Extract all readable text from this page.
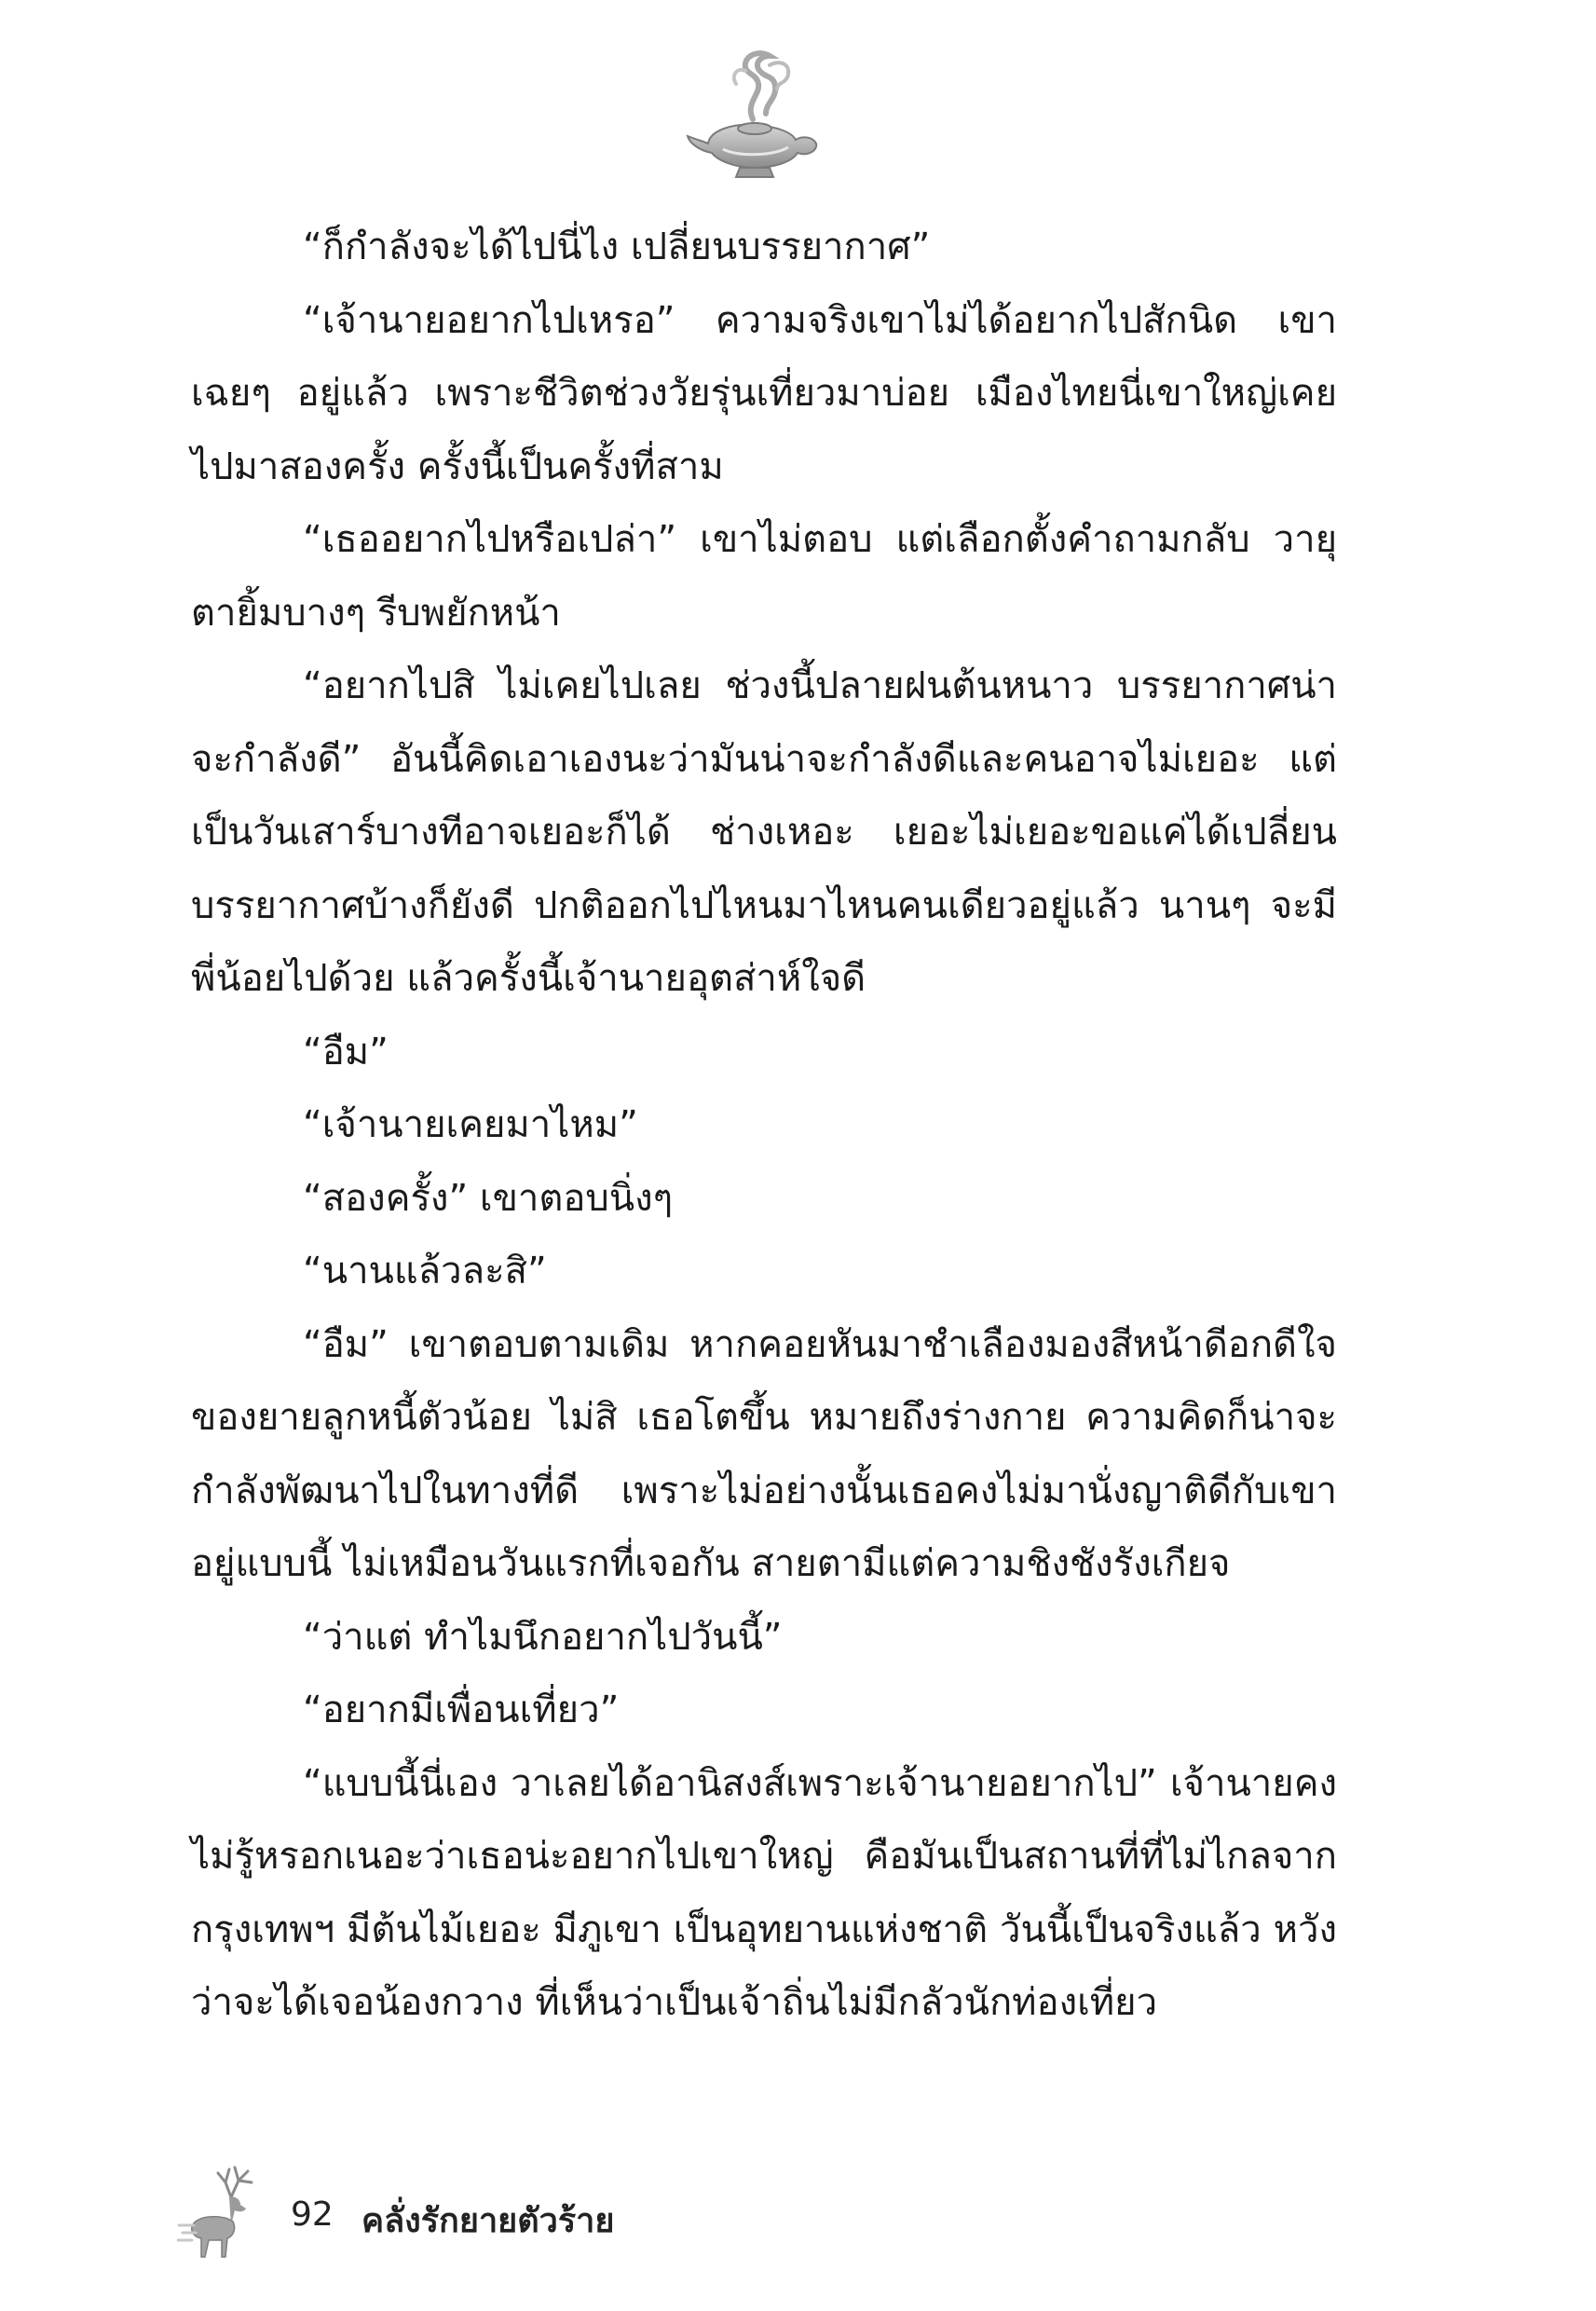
“ก็กำลังจะได้ไปนี่ไง เปลี่ยนบรรยากาศ”

“เจ้านายอยากไปเหรอ” ความจริงเขาไม่ได้อยากไปสักนิด เขาเฉยๆ อยู่แล้ว เพราะชีวิตช่วงวัยรุ่นเที่ยวมาบ่อย เมืองไทยนี่เขาใหญ่เคยไปมาสองครั้ง ครั้งนี้เป็นครั้งที่สาม

“เธออยากไปหรือเปล่า” เขาไม่ตอบ แต่เลือกตั้งคำถามกลับ วายุตายิ้มบางๆ รีบพยักหน้า

“อยากไปสิ ไม่เคยไปเลย ช่วงนี้ปลายฝนต้นหนาว บรรยากาศน่าจะกำลังดี” อันนี้คิดเอาเองนะว่ามันน่าจะกำลังดีและคนอาจไม่เยอะ แต่เป็นวันเสาร์บางทีอาจเยอะก็ได้ ช่างเหอะ เยอะไม่เยอะขอแค่ได้เปลี่ยนบรรยากาศบ้างก็ยังดี ปกติออกไปไหนมาไหนคนเดียวอยู่แล้ว นานๆ จะมีพี่น้อยไปด้วย แล้วครั้งนี้เจ้านายอุตส่าห์ใจดี

“อืม”

“เจ้านายเคยมาไหม”

“สองครั้ง” เขาตอบนิ่งๆ

“นานแล้วละสิ”

“อืม” เขาตอบตามเดิม หากคอยหันมาชำเลืองมองสีหน้าดีอกดีใจของยายลูกหนี้ตัวน้อย ไม่สิ เธอโตขึ้น หมายถึงร่างกาย ความคิดก็น่าจะกำลังพัฒนาไปในทางที่ดี เพราะไม่อย่างนั้นเธอคงไม่มานั่งญาติดีกับเขาอยู่แบบนี้ ไม่เหมือนวันแรกที่เจอกัน สายตามีแต่ความชิงชังรังเกียจ

“ว่าแต่ ทำไมนึกอยากไปวันนี้”

“อยากมีเพื่อนเที่ยว”

“แบบนี้นี่เอง วาเลยได้อานิสงส์เพราะเจ้านายอยากไป” เจ้านายคงไม่รู้หรอกเนอะว่าเธอน่ะอยากไปเขาใหญ่ คือมันเป็นสถานที่ที่ไม่ไกลจากกรุงเทพฯ มีต้นไม้เยอะ มีภูเขา เป็นอุทยานแห่งชาติ วันนี้เป็นจริงแล้ว หวังว่าจะได้เจอน้องกวาง ที่เห็นว่าเป็นเจ้าถิ่นไม่มีกลัวนักท่องเที่ยว

92 คลั่งรักยายตัวร้าย
